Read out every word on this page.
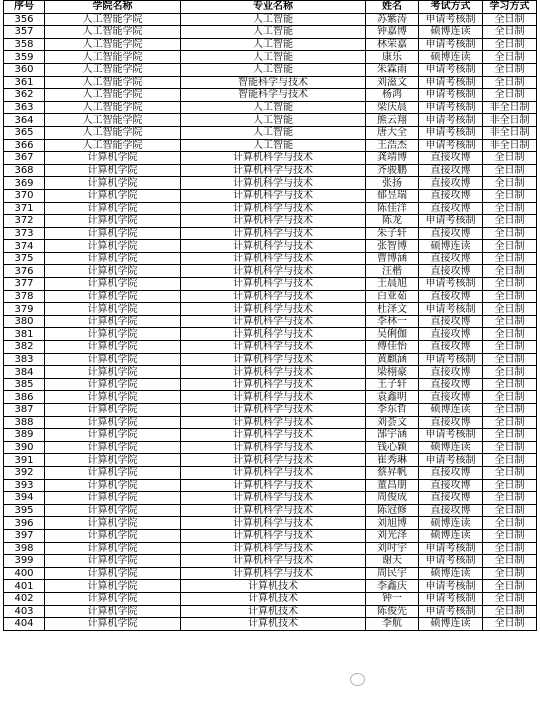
序号	学院名称	专业名称	姓名	考试方式	学习方式
356	人工智能学院	人工智能	苏紫涛	申请考核制	全日制
357	人工智能学院	人工智能	钟嘉博	硕博连读	全日制
358	人工智能学院	人工智能	林荣嘉	申请考核制	全日制
359	人工智能学院	人工智能	康乐	硕博连读	全日制
360	人工智能学院	人工智能	朱霖雨	申请考核制	全日制
361	人工智能学院	智能科学与技术	刘滋文	申请考核制	全日制
362	人工智能学院	智能科学与技术	杨鸿	申请考核制	全日制
363	人工智能学院	人工智能	梁庆晨	申请考核制	非全日制
364	人工智能学院	人工智能	熊云翔	申请考核制	非全日制
365	人工智能学院	人工智能	唐大全	申请考核制	非全日制
366	人工智能学院	人工智能	王浩杰	申请考核制	非全日制
367	计算机学院	计算机科学与技术	龚靖博	直接攻博	全日制
368	计算机学院	计算机科学与技术	齐骏鹏	直接攻博	全日制
369	计算机学院	计算机科学与技术	张扬	直接攻博	全日制
370	计算机学院	计算机科学与技术	郁昱瑞	直接攻博	全日制
371	计算机学院	计算机科学与技术	陈佳洋	直接攻博	全日制
372	计算机学院	计算机科学与技术	陈龙	申请考核制	全日制
373	计算机学院	计算机科学与技术	朱子轩	直接攻博	全日制
374	计算机学院	计算机科学与技术	张智博	硕博连读	全日制
375	计算机学院	计算机科学与技术	曹博涵	直接攻博	全日制
376	计算机学院	计算机科学与技术	汪楷	直接攻博	全日制
377	计算机学院	计算机科学与技术	王晨旭	申请考核制	全日制
378	计算机学院	计算机科学与技术	白亚茹	直接攻博	全日制
379	计算机学院	计算机科学与技术	杜泽文	申请考核制	全日制
380	计算机学院	计算机科学与技术	李林一	直接攻博	全日制
381	计算机学院	计算机科学与技术	吴俐伽	直接攻博	全日制
382	计算机学院	计算机科学与技术	傅佳怡	直接攻博	全日制
383	计算机学院	计算机科学与技术	黄麒涵	申请考核制	全日制
384	计算机学院	计算机科学与技术	梁栩豪	直接攻博	全日制
385	计算机学院	计算机科学与技术	王子轩	直接攻博	全日制
386	计算机学院	计算机科学与技术	袁鑫明	直接攻博	全日制
387	计算机学院	计算机科学与技术	李东哲	硕博连读	全日制
388	计算机学院	计算机科学与技术	刘荟文	直接攻博	全日制
389	计算机学院	计算机科学与技术	郜宇涵	申请考核制	全日制
390	计算机学院	计算机科学与技术	钱心颖	硕博连读	全日制
391	计算机学院	计算机科学与技术	崔秀琳	申请考核制	全日制
392	计算机学院	计算机科学与技术	蔡昇帆	直接攻博	全日制
393	计算机学院	计算机科学与技术	董昌朋	直接攻博	全日制
394	计算机学院	计算机科学与技术	周俊成	直接攻博	全日制
395	计算机学院	计算机科学与技术	陈冠修	直接攻博	全日制
396	计算机学院	计算机科学与技术	刘旭博	硕博连读	全日制
397	计算机学院	计算机科学与技术	刘光泽	硕博连读	全日制
398	计算机学院	计算机科学与技术	刘吋宇	申请考核制	全日制
399	计算机学院	计算机科学与技术	谢天	申请考核制	全日制
400	计算机学院	计算机科学与技术	周民宇	硕博连读	全日制
401	计算机学院	计算机技术	李鑫庆	申请考核制	全日制
402	计算机学院	计算机技术	钟一	申请考核制	全日制
403	计算机学院	计算机技术	陈俊先	申请考核制	全日制
404	计算机学院	计算机技术	李航	硕博连读	全日制
